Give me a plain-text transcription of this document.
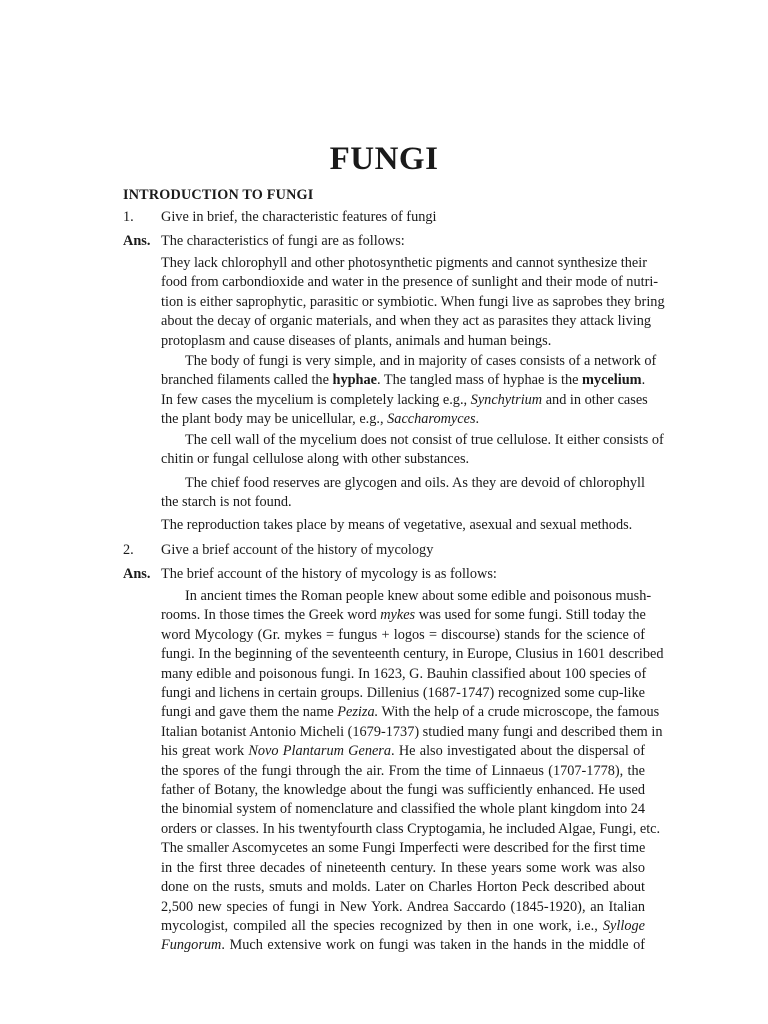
FUNGI
INTRODUCTION TO FUNGI
1. Give in brief, the characteristic features of fungi
Ans. The characteristics of fungi are as follows:
They lack chlorophyll and other photosynthetic pigments and cannot synthesize their
food from carbondioxide and water in the presence of sunlight and their mode of nutri-
tion is either saprophytic, parasitic or symbiotic. When fungi live as saprobes they bring
about the decay of organic materials, and when they act as parasites they attack living
protoplasm and cause diseases of plants, animals and human beings.
The body of fungi is very simple, and in majority of cases consists of a network of
branched filaments called the hyphae. The tangled mass of hyphae is the mycelium.
In few cases the mycelium is completely lacking e.g., Synchytrium and in other cases
the plant body may be unicellular, e.g., Saccharomyces.
The cell wall of the mycelium does not consist of true cellulose. It either consists of
chitin or fungal cellulose along with other substances.
The chief food reserves are glycogen and oils. As they are devoid of chlorophyll
the starch is not found.
The reproduction takes place by means of vegetative, asexual and sexual methods.
2. Give a brief account of the history of mycology
Ans. The brief account of the history of mycology is as follows:
In ancient times the Roman people knew about some edible and poisonous mush-
rooms. In those times the Greek word mykes was used for some fungi. Still today the
word Mycology (Gr. mykes = fungus + logos = discourse) stands for the science of
fungi. In the beginning of the seventeenth century, in Europe, Clusius in 1601 described
many edible and poisonous fungi. In 1623, G. Bauhin classified about 100 species of
fungi and lichens in certain groups. Dillenius (1687-1747) recognized some cup-like
fungi and gave them the name Peziza. With the help of a crude microscope, the famous
Italian botanist Antonio Micheli (1679-1737) studied many fungi and described them in
his great work Novo Plantarum Genera. He also investigated about the dispersal of
the spores of the fungi through the air. From the time of Linnaeus (1707-1778), the
father of Botany, the knowledge about the fungi was sufficiently enhanced. He used
the binomial system of nomenclature and classified the whole plant kingdom into 24
orders or classes. In his twentyfourth class Cryptogamia, he included Algae, Fungi, etc.
The smaller Ascomycetes an some Fungi Imperfecti were described for the first time
in the first three decades of nineteenth century. In these years some work was also
done on the rusts, smuts and molds. Later on Charles Horton Peck described about
2,500 new species of fungi in New York. Andrea Saccardo (1845-1920), an Italian
mycologist, compiled all the species recognized by then in one work, i.e., Sylloge
Fungorum. Much extensive work on fungi was taken in the hands in the middle of
